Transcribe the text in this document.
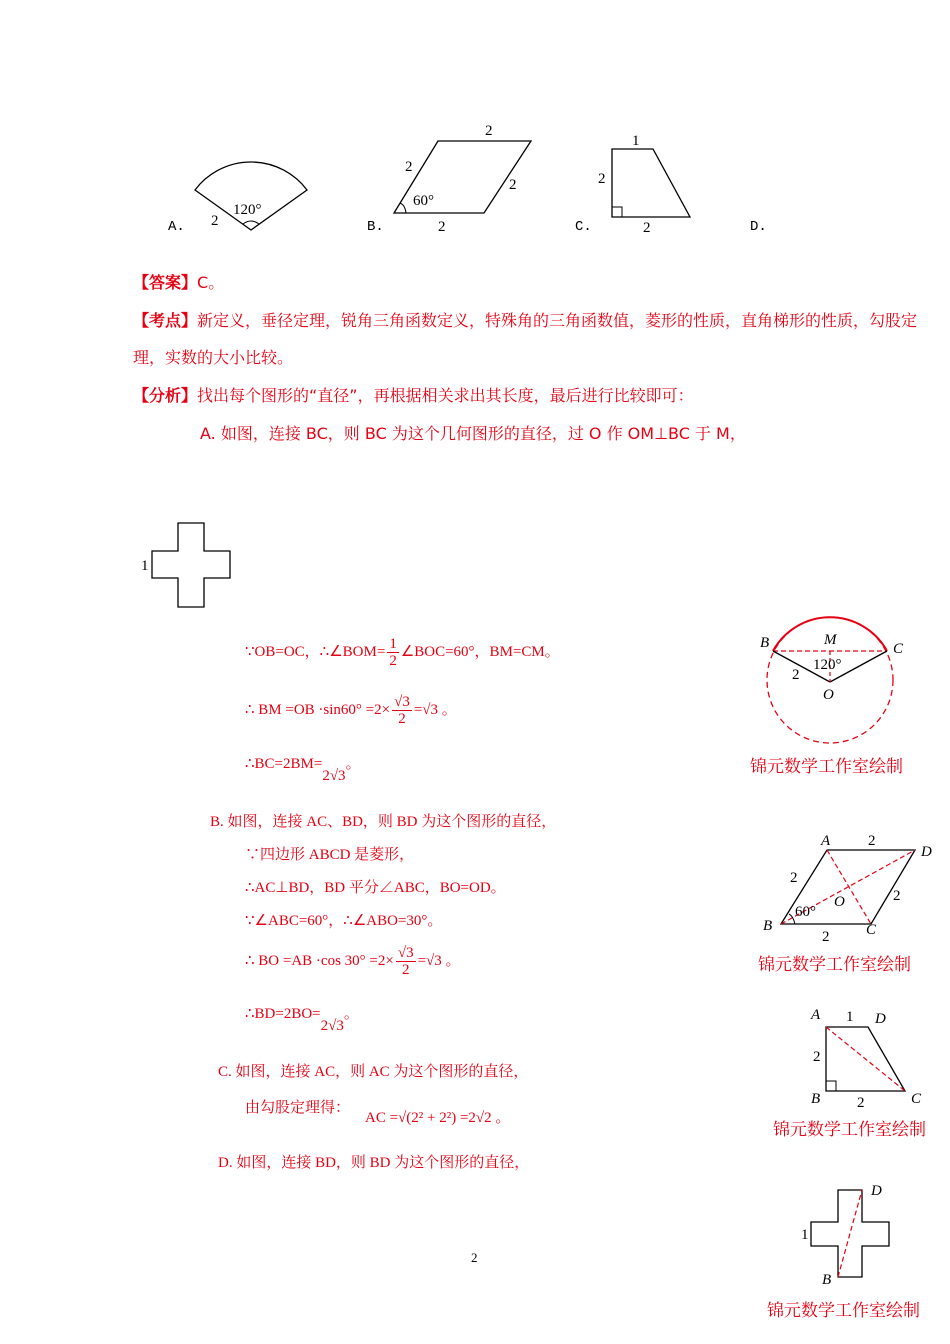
120°
2
A.
2
2
2
2
60°
B.
1
2
2
C.	D.
【答案】C。
【考点】新定义，垂径定理，锐角三角函数定义，特殊角的三角函数值，菱形的性质，直角梯形的性质，勾股定
理，实数的大小比较。
【分析】找出每个图形的“直径”，再根据相关求出其长度，最后进行比较即可：
A. 如图，连接 BC，则 BC 为这个几何图形的直径，过 O 作 OM⊥BC 于 M，
1
∵OB=OC，∴∠BOM= $\frac{1}{2}$ ∠BOC=60°，BM=CM。
∴ BM $=OB \cdot\sin 60^\circ =2\times \frac{√3}{2} =√3$ 。
∴BC=2BM=2√3。
B. 如图，连接 AC、BD，则 BD 为这个图形的直径，
∵四边形 ABCD 是菱形，
∴AC⊥BD，BD 平分∠ABC，BO=OD。
∵∠ABC=60°，∴∠ABO=30°。
∴ BO =AB ·cos $30^\circ =2\times \frac{√3}{2} =√3$ 。
∴BD=2BO=2√3。
C. 如图，连接 AC，则 AC 为这个图形的直径，
由勾股定理得：
AC =√(2² + 2²) =2√2 。
D. 如图，连接 BD，则 BD 为这个图形的直径，
B	C
M
O
120°
2
锦元数学工作室绘制
A
D
B	C
O
2
2
2
2
60°
锦元数学工作室绘制
A	D
B	C
1
2
2
锦元数学工作室绘制
D
B
1
锦元数学工作室绘制
2
